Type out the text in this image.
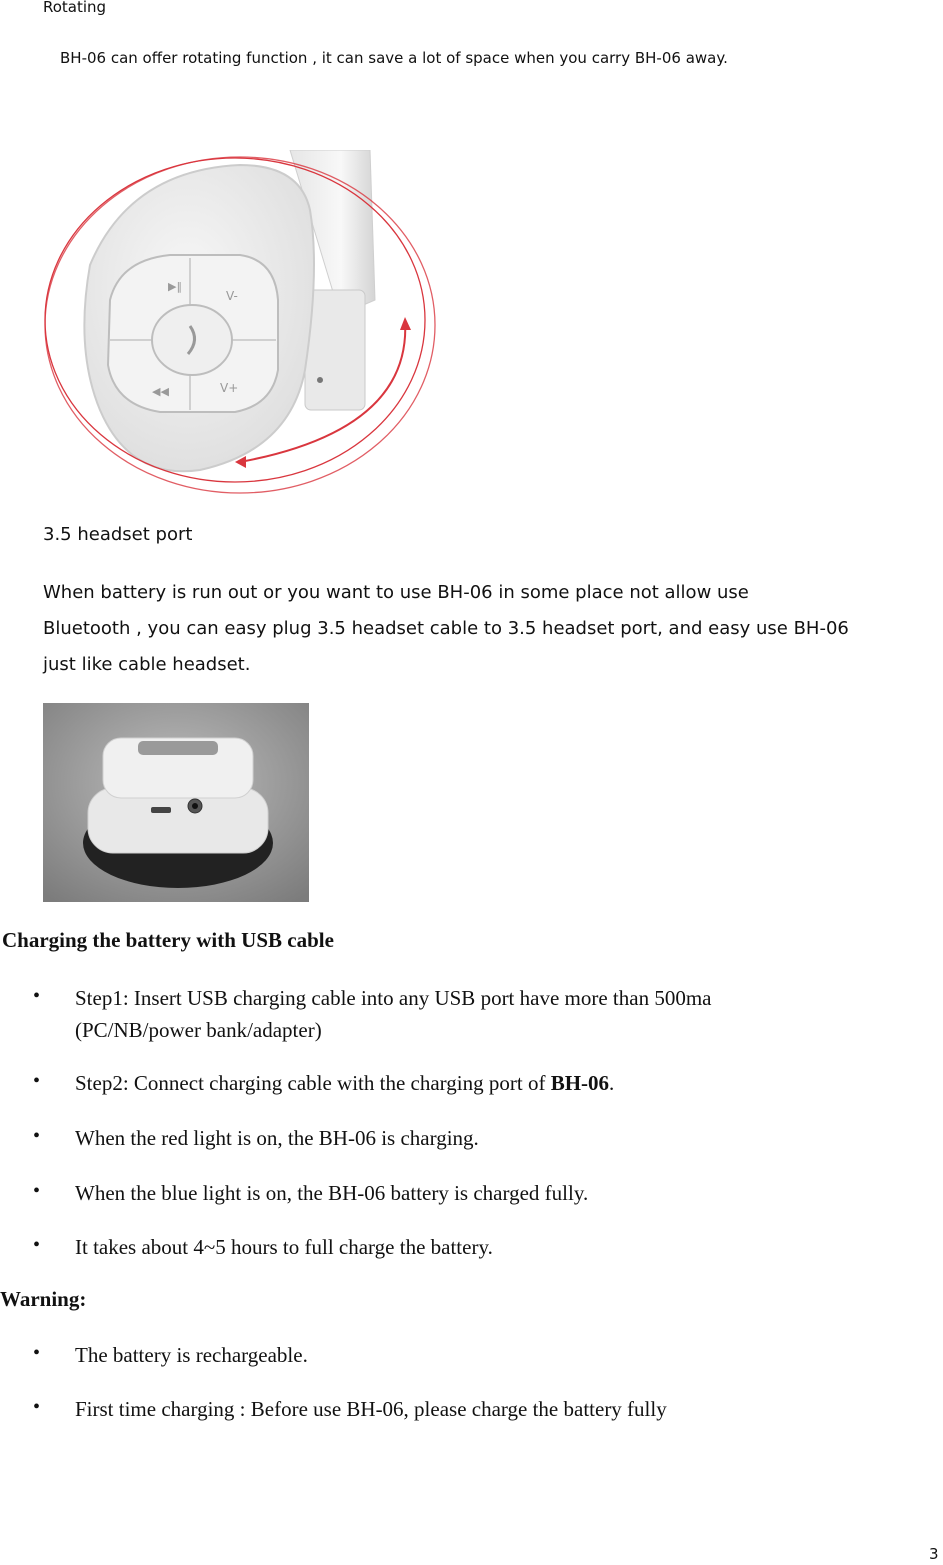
Rotating
BH-06 can offer rotating function , it can save a lot of space when you carry BH-06 away.
▶‖
V-
◀◀	V+
3.5 headset port
When battery is run out or you want to use BH-06 in some place not allow use
Bluetooth , you can easy plug 3.5 headset cable to 3.5 headset port, and easy use BH-06
just like cable headset.
Charging the battery with USB cable
• Step1: Insert USB charging cable into any USB port have more than 500ma
(PC/NB/power bank/adapter)
• Step2: Connect charging cable with the charging port of BH-06.
• When the red light is on, the BH-06 is charging.
• When the blue light is on, the BH-06 battery is charged fully.
• It takes about 4~5 hours to full charge the battery.
Warning:
• The battery is rechargeable.
• First time charging : Before use BH-06, please charge the battery fully
3
